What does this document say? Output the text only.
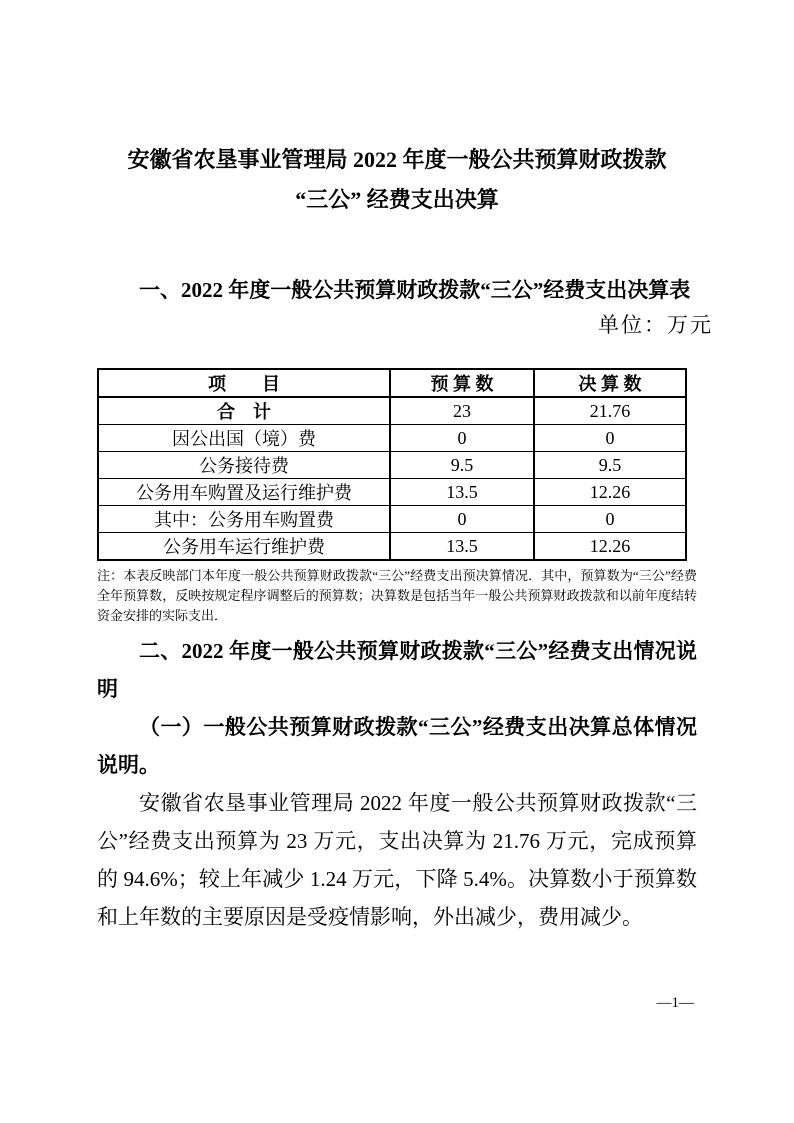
安徽省农垦事业管理局 2022 年度一般公共预算财政拨款
“三公” 经费支出决算
一、2022 年度一般公共预算财政拨款“三公”经费支出决算表
单位：万元
项　　目	预 算 数	决 算 数
合　计	23	21.76
因公出国（境）费	0	0
公务接待费	9.5	9.5
公务用车购置及运行维护费	13.5	12.26
其中：公务用车购置费	0	0
公务用车运行维护费	13.5	12.26
注：本表反映部门本年度一般公共预算财政拨款“三公”经费支出预决算情况．其中，预算数为“三公”经费全年预算数，反映按规定程序调整后的预算数；决算数是包括当年一般公共预算财政拨款和以前年度结转资金安排的实际支出．
二、2022 年度一般公共预算财政拨款“三公”经费支出情况说明
（一）一般公共预算财政拨款“三公”经费支出决算总体情况说明。
安徽省农垦事业管理局 2022 年度一般公共预算财政拨款“三公”经费支出预算为 23 万元，支出决算为 21.76 万元，完成预算的 94.6%；较上年减少 1.24 万元，下降 5.4%。决算数小于预算数和上年数的主要原因是受疫情影响，外出减少，费用减少。
—1—
